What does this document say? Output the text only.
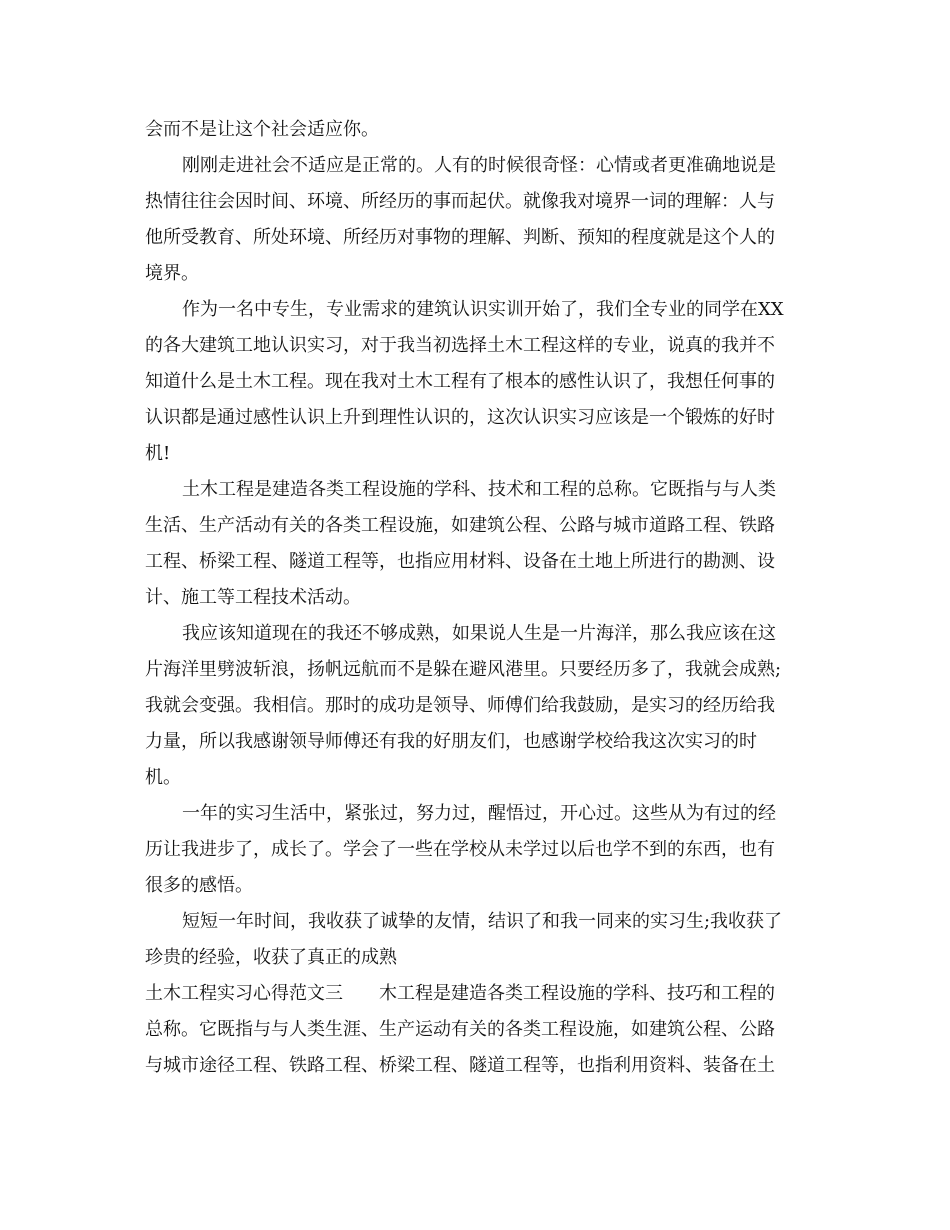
会而不是让这个社会适应你。
刚刚走进社会不适应是正常的。人有的时候很奇怪：心情或者更准确地说是
热情往往会因时间、环境、所经历的事而起伏。就像我对境界一词的理解：人与
他所受教育、所处环境、所经历对事物的理解、判断、预知的程度就是这个人的
境界。
作为一名中专生，专业需求的建筑认识实训开始了，我们全专业的同学在XX
的各大建筑工地认识实习，对于我当初选择土木工程这样的专业，说真的我并不
知道什么是土木工程。现在我对土木工程有了根本的感性认识了，我想任何事的
认识都是通过感性认识上升到理性认识的，这次认识实习应该是一个锻炼的好时
机!
土木工程是建造各类工程设施的学科、技术和工程的总称。它既指与与人类
生活、生产活动有关的各类工程设施，如建筑公程、公路与城市道路工程、铁路
工程、桥梁工程、隧道工程等，也指应用材料、设备在土地上所进行的勘测、设
计、施工等工程技术活动。
我应该知道现在的我还不够成熟，如果说人生是一片海洋，那么我应该在这
片海洋里劈波斩浪，扬帆远航而不是躲在避风港里。只要经历多了，我就会成熟;
我就会变强。我相信。那时的成功是领导、师傅们给我鼓励，是实习的经历给我
力量，所以我感谢领导师傅还有我的好朋友们，也感谢学校给我这次实习的时
机。
一年的实习生活中，紧张过，努力过，醒悟过，开心过。这些从为有过的经
历让我进步了，成长了。学会了一些在学校从未学过以后也学不到的东西，也有
很多的感悟。
短短一年时间，我收获了诚挚的友情，结识了和我一同来的实习生;我收获了
珍贵的经验，收获了真正的成熟
土木工程实习心得范文三 木工程是建造各类工程设施的学科、技巧和工程的
总称。它既指与与人类生涯、生产运动有关的各类工程设施，如建筑公程、公路
与城市途径工程、铁路工程、桥梁工程、隧道工程等，也指利用资料、装备在土
